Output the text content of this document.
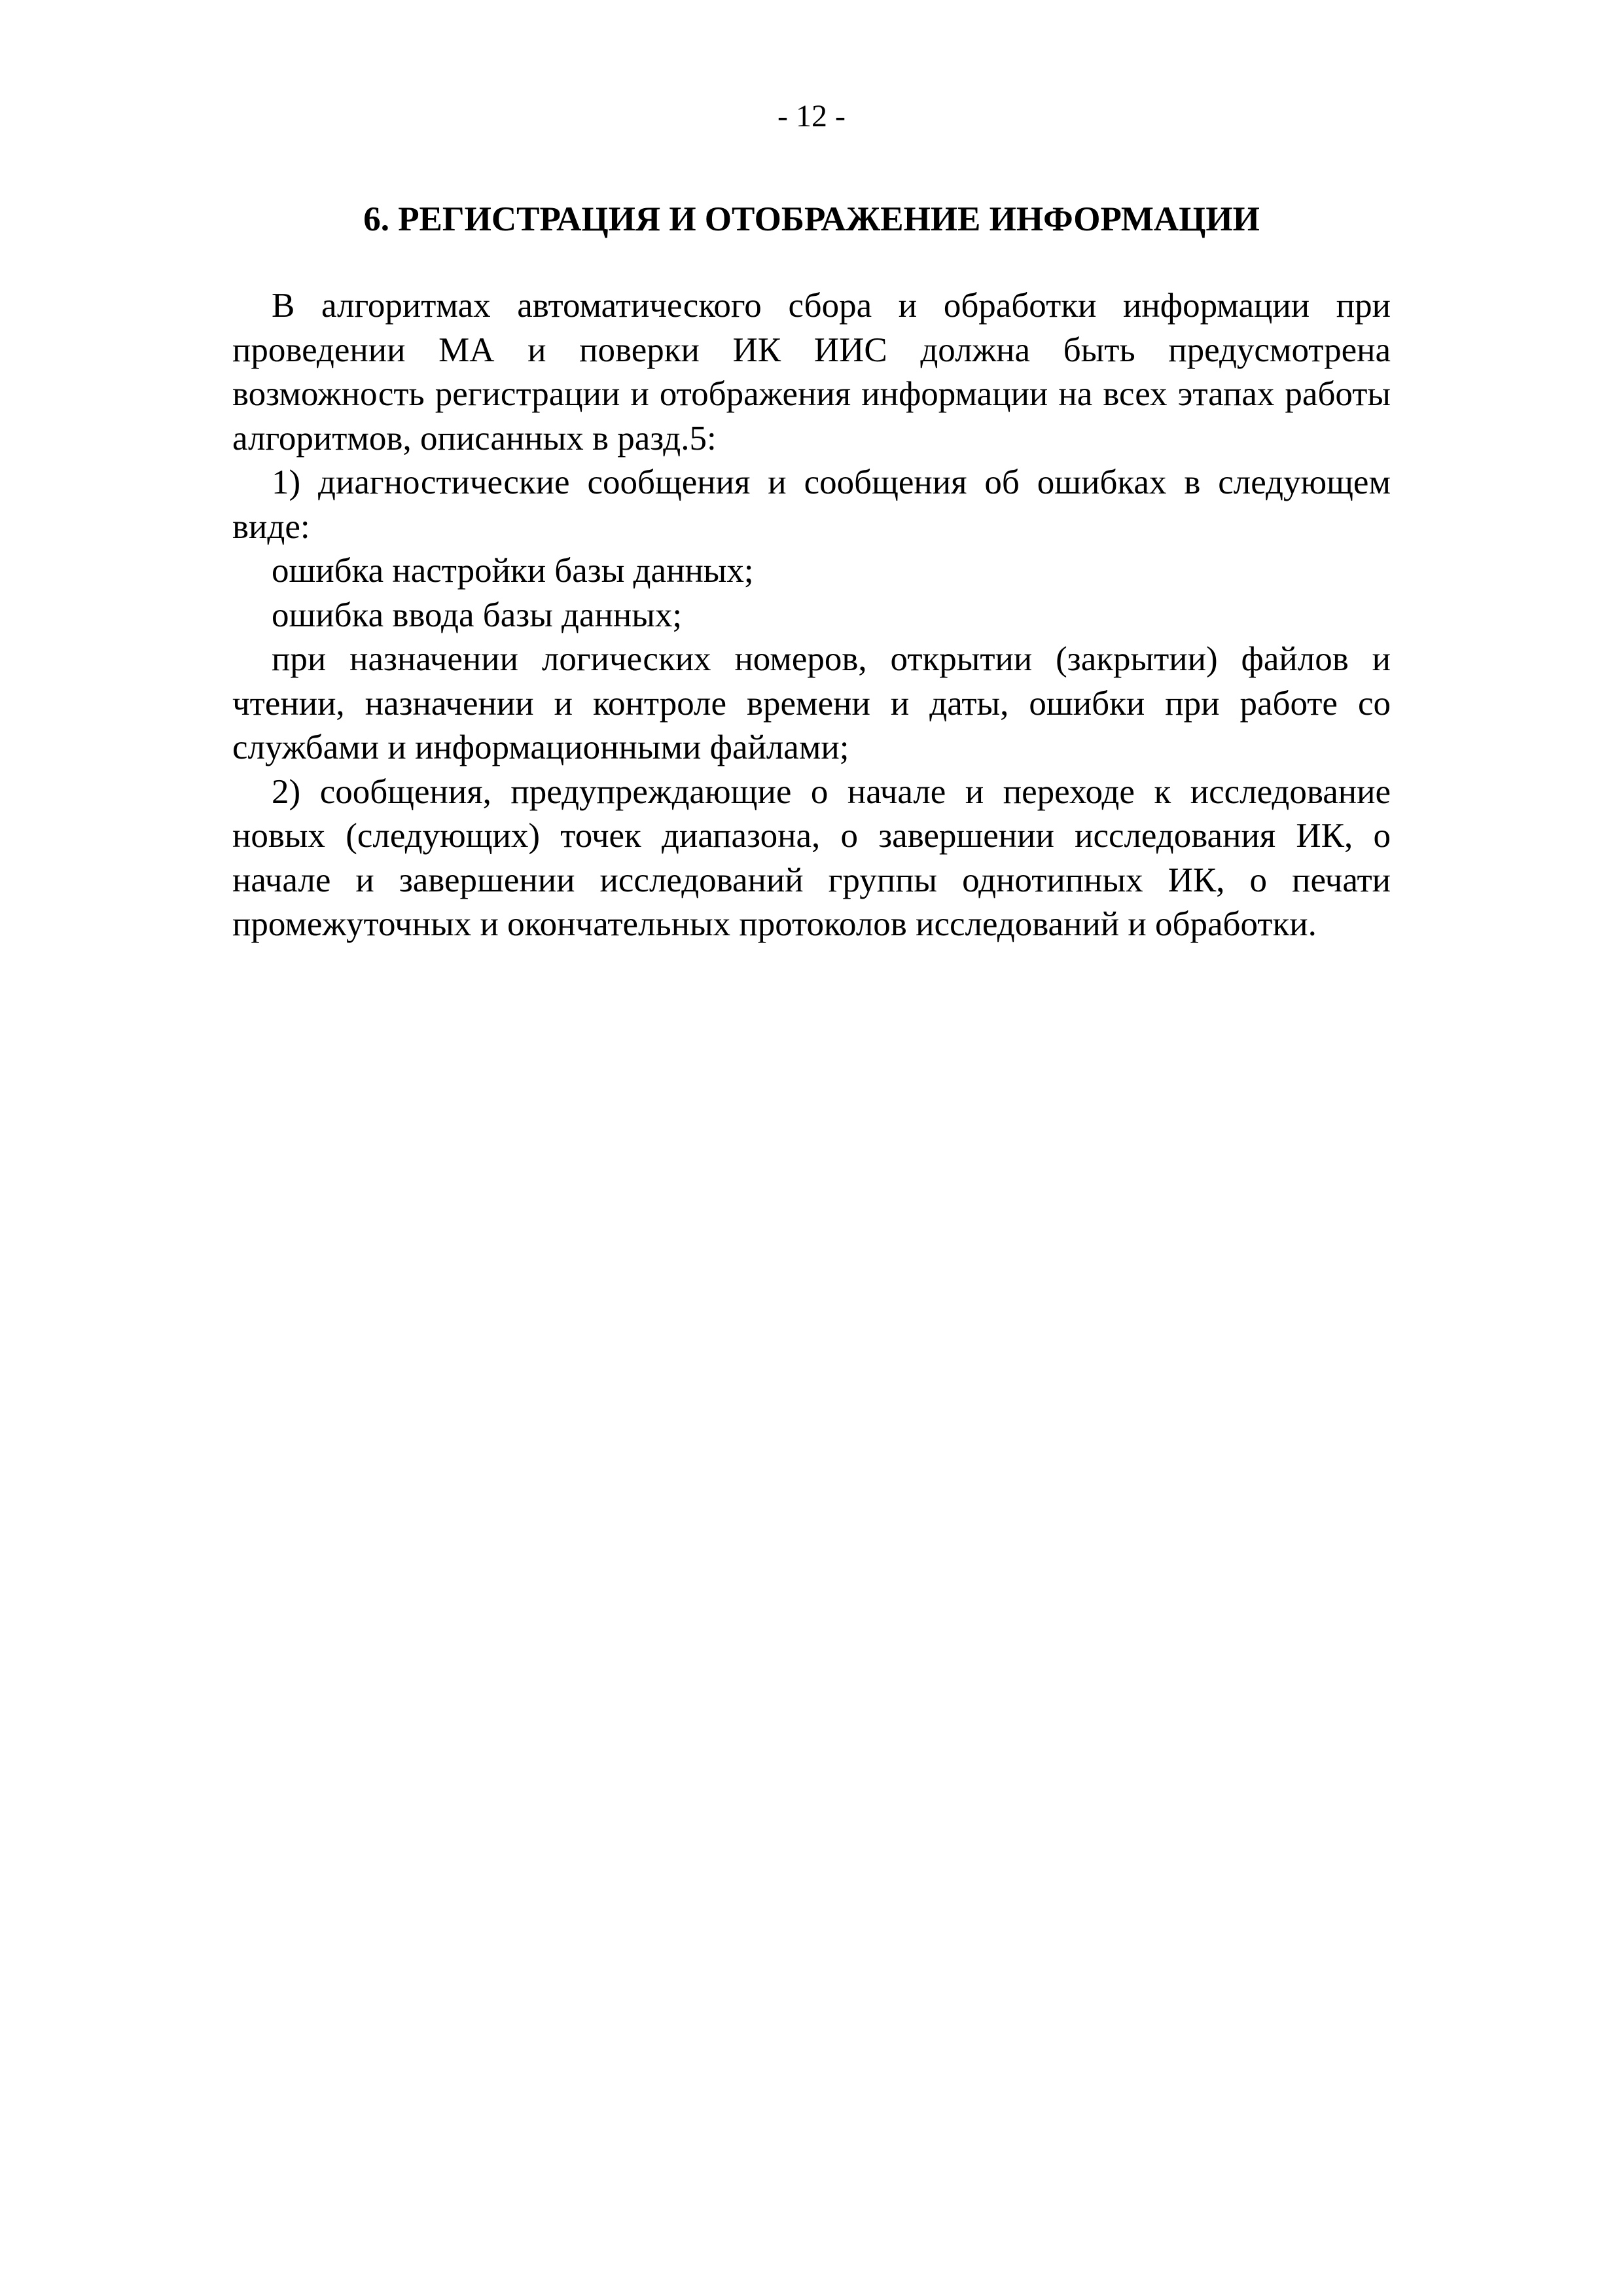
- 12 -

6. РЕГИСТРАЦИЯ И ОТОБРАЖЕНИЕ ИНФОРМАЦИИ

В алгоритмах автоматического сбора и обработки информации при проведении МА и поверки ИК ИИС должна быть предусмотрена возможность регистрации и отображения информации на всех этапах работы алгоритмов, описанных в разд.5:

1) диагностические сообщения и сообщения об ошибках в следующем виде:

ошибка настройки базы данных;

ошибка ввода базы данных;

при назначении логических номеров, открытии (закрытии) файлов и чтении, назначении и контроле времени и даты, ошибки при работе со службами и информационными файлами;

2) сообщения, предупреждающие о начале и переходе к исследование новых (следующих) точек диапазона, о завершении исследования ИК, о начале и завершении исследований группы однотипных ИК, о печати промежуточных и окончательных протоколов исследований и обработки.
